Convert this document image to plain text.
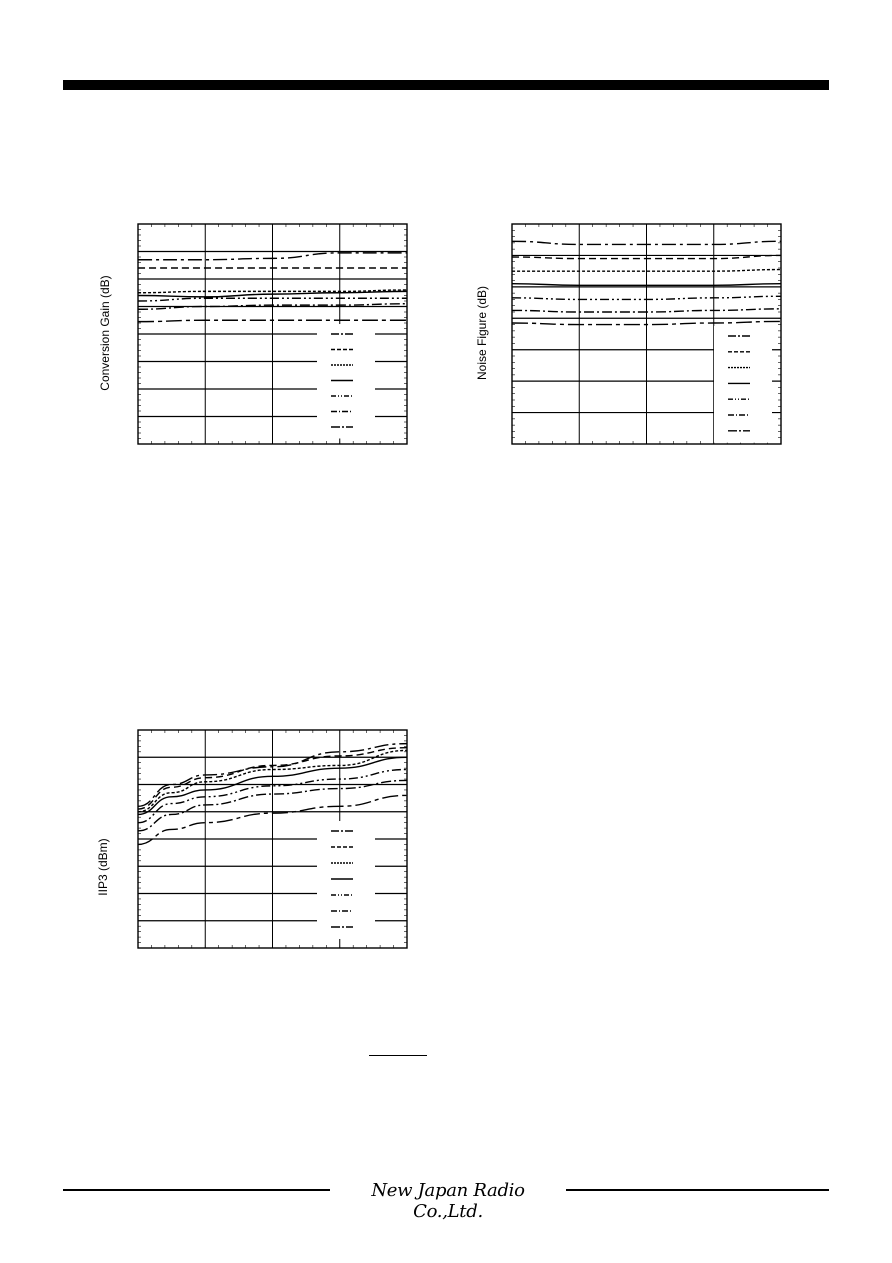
Conversion Gain (dB)	Noise Figure (dB)
IIP3 (dBm)
New Japan Radio Co.,Ltd.
